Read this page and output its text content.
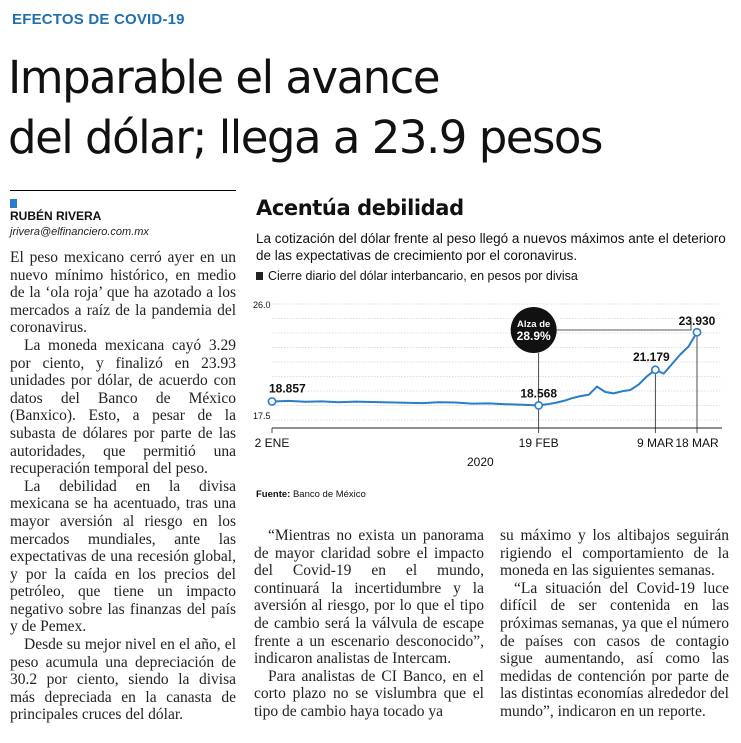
EFECTOS DE COVID-19
Imparable el avance
del dólar; llega a 23.9 pesos
RUBÉN RIVERA
jrivera@elfinanciero.com.mx

El peso mexicano cerró ayer en un nuevo mínimo histórico, en medio de la ‘ola roja’ que ha azotado a los mercados a raíz de la pandemia del coronavirus.

La moneda mexicana cayó 3.29 por ciento, y finalizó en 23.93 unidades por dólar, de acuerdo con datos del Banco de México (Banxico). Esto, a pesar de la subasta de dólares por parte de las autoridades, que permitió una recuperación temporal del peso.

La debilidad en la divisa mexicana se ha acentuado, tras una mayor aversión al riesgo en los mercados mundiales, ante las expectativas de una recesión global, y por la caída en los precios del petróleo, que tiene un impacto negativo sobre las finanzas del país y de Pemex.

Desde su mejor nivel en el año, el peso acumula una depreciación de 30.2 por ciento, siendo la divisa más depreciada en la canasta de principales cruces del dólar.

Acentúa debilidad
La cotización del dólar frente al peso llegó a nuevos máximos ante el deterioro de las expectativas de crecimiento por el coronavirus.
Cierre diario del dólar interbancario, en pesos por divisa
26.0
17.5
18.857	18.568
21.179
23.930
2 ENE	19 FEB	9 MAR 18 MAR
2020
Alza de
28.9%
Fuente: Banco de México

“Mientras no exista un panorama de mayor claridad sobre el impacto del Covid-19 en el mundo, continuará la incertidumbre y la aversión al riesgo, por lo que el tipo de cambio será la válvula de escape frente a un escenario desconocido”, indicaron analistas de Intercam.

Para analistas de CI Banco, en el corto plazo no se vislumbra que el tipo de cambio haya tocado ya

su máximo y los altibajos seguirán rigiendo el comportamiento de la moneda en las siguientes semanas.

“La situación del Covid-19 luce difícil de ser contenida en las próximas semanas, ya que el número de países con casos de contagio sigue aumentando, así como las medidas de contención por parte de las distintas economías alrededor del mundo”, indicaron en un reporte.
